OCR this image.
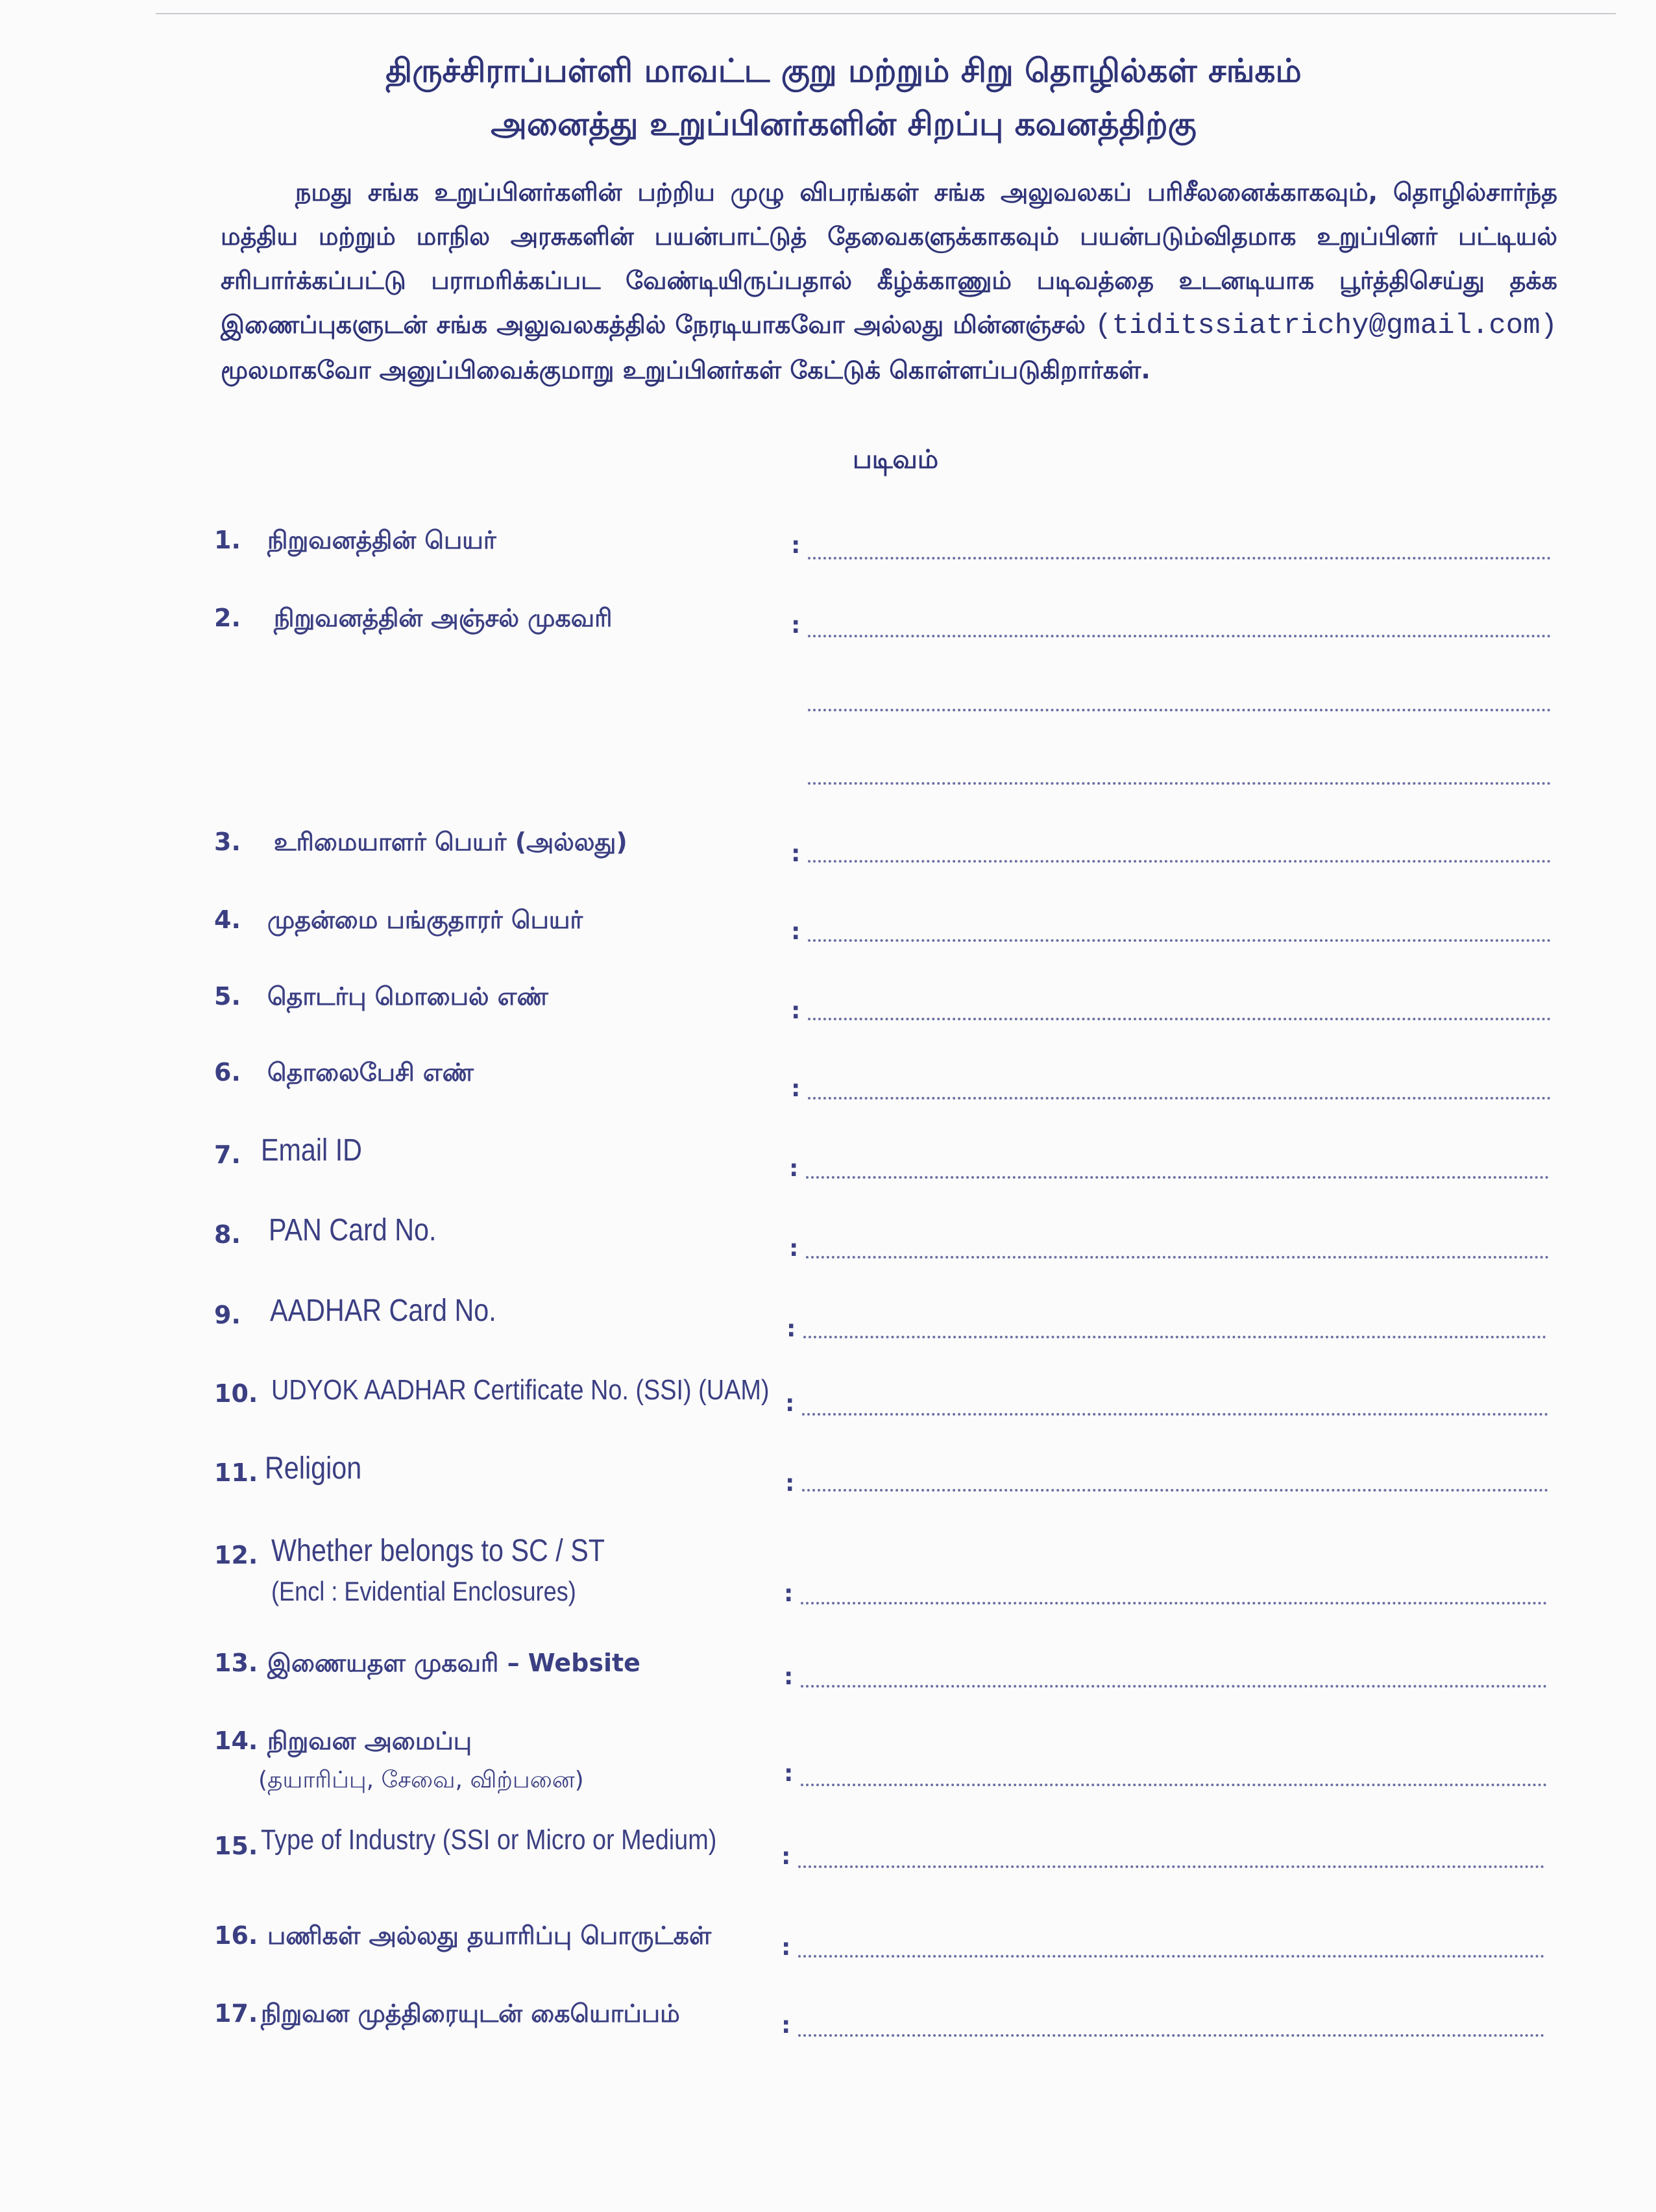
திருச்சிராப்பள்ளி மாவட்ட குறு மற்றும் சிறு தொழில்கள் சங்கம்
அனைத்து உறுப்பினர்களின் சிறப்பு கவனத்திற்கு
நமது சங்க உறுப்பினர்களின் பற்றிய முழு விபரங்கள் சங்க அலுவலகப் பரிசீலனைக்காகவும், தொழில்சார்ந்த மத்திய மற்றும் மாநில அரசுகளின் பயன்பாட்டுத் தேவைகளுக்காகவும் பயன்படும்விதமாக உறுப்பினர் பட்டியல் சரிபார்க்கப்பட்டு பராமரிக்கப்பட வேண்டியிருப்பதால் கீழ்க்காணும் படிவத்தை உடனடியாக பூர்த்திசெய்து தக்க இணைப்புகளுடன் சங்க அலுவலகத்தில் நேரடியாகவோ அல்லது மின்னஞ்சல் (tiditssiatrichy@gmail.com) மூலமாகவோ அனுப்பிவைக்குமாறு உறுப்பினர்கள் கேட்டுக் கொள்ளப்படுகிறார்கள்.
படிவம்
1.	நிறுவனத்தின் பெயர்	:
2.	நிறுவனத்தின் அஞ்சல் முகவரி	:
3.	உரிமையாளர் பெயர் (அல்லது)	:
4.	முதன்மை பங்குதாரர் பெயர்	:
5.	தொடர்பு மொபைல் எண்
:
6.	தொலைபேசி எண்
:
7. Email ID
:
8. PAN Card No.
:
9. AADHAR Card No.
:
10. UDYOK AADHAR Certificate No. (SSI) (UAM) :
11. Religion	:
12. Whether belongs to SC / ST
(Encl : Evidential Enclosures)	:
13. இணையதள முகவரி – Website	:
14. நிறுவன அமைப்பு
(தயாரிப்பு, சேவை, விற்பனை)	:
15. Type of Industry (SSI or Micro or Medium)
:
16. பணிகள் அல்லது தயாரிப்பு பொருட்கள்	:
17. நிறுவன முத்திரையுடன் கையொப்பம்	:
